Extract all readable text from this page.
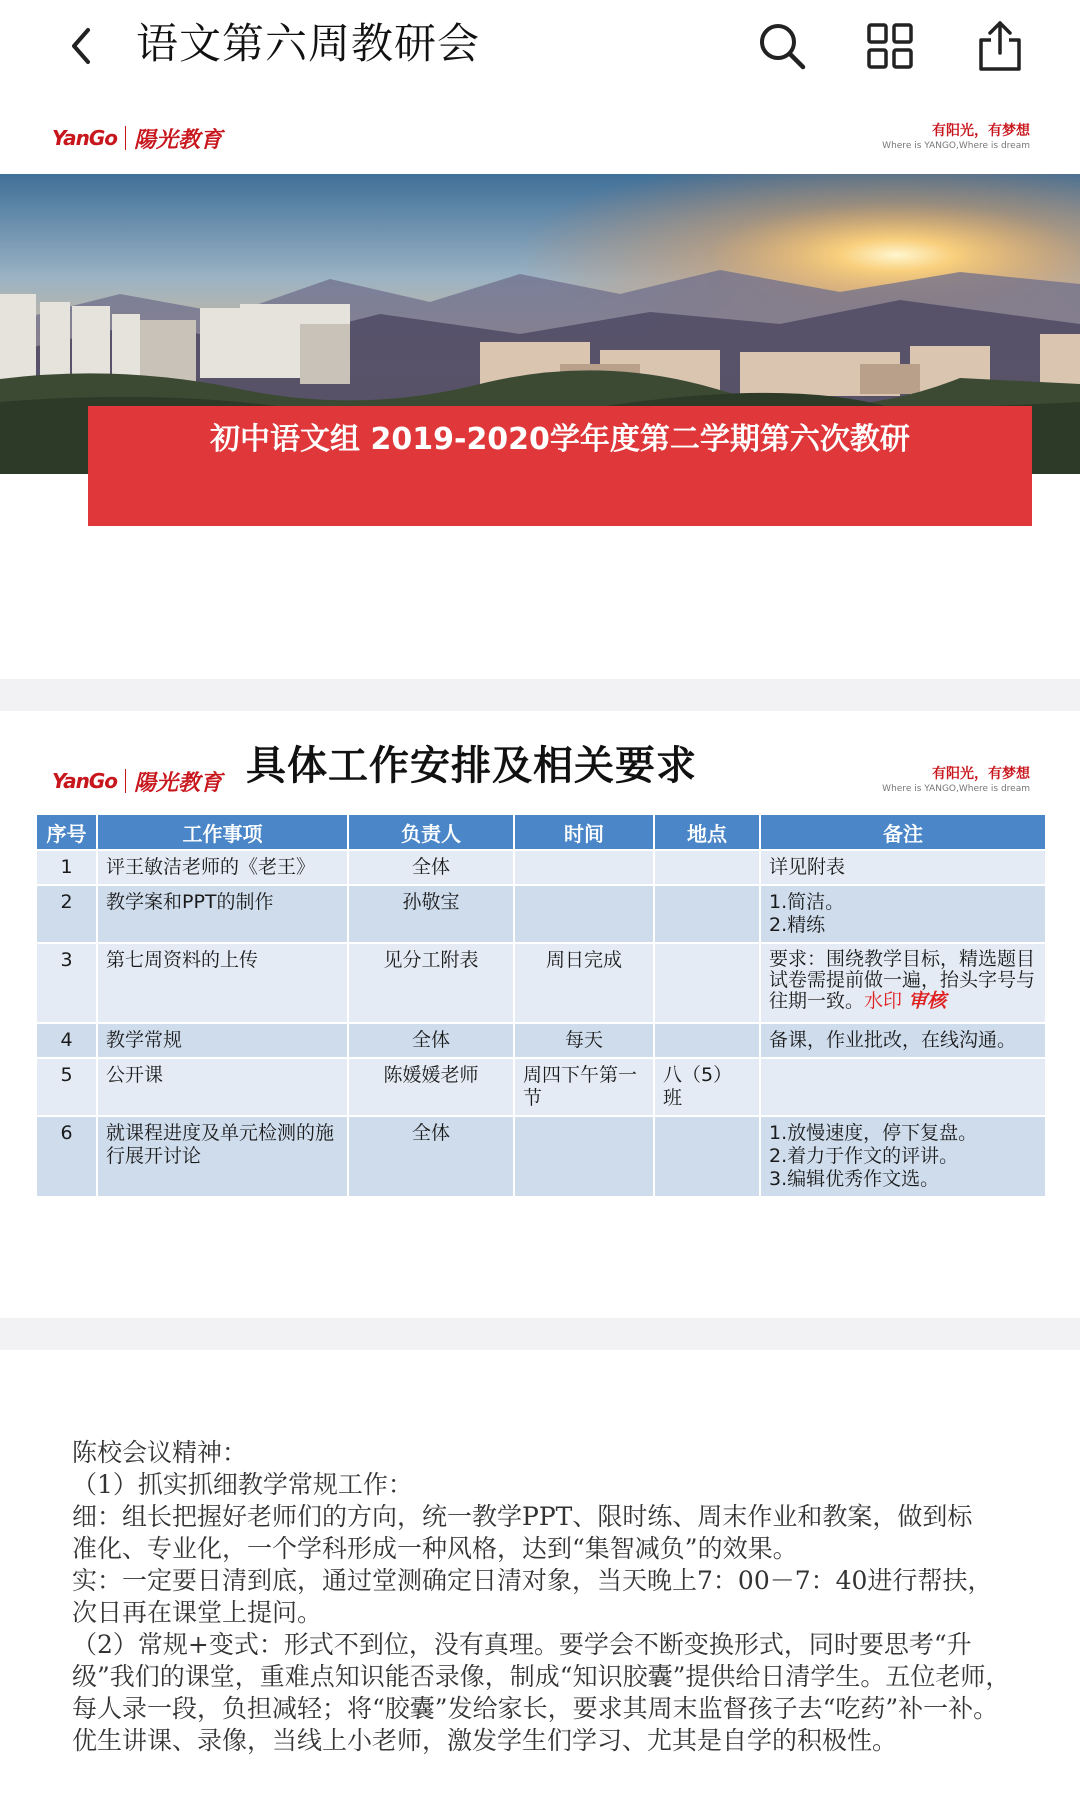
语文第六周教研会
YanGo 陽光教育	有阳光，有梦想
Where is YANGO,Where is dream
初中语文组 2019-2020学年度第二学期第六次教研
YanGo 陽光教育	有阳光，有梦想
Where is YANGO,Where is dream
具体工作安排及相关要求
序号	工作事项	负责人	时间	地点	备注
1	评王敏洁老师的《老王》	全体			详见附表
2	教学案和PPT的制作	孙敬宝			1.简洁。
2.精练

3	第七周资料的上传	见分工附表	周日完成		要求：围绕教学目标，精选题目
试卷需提前做一遍，抬头字号与
往期一致。水印 审核

4	教学常规	全体	每天		备课，作业批改，在线沟通。
5	公开课	陈媛媛老师	周四下午第一节	八（5）班	
6	就课程进度及单元检测的施行展开讨论	全体			1.放慢速度，停下复盘。
2.着力于作文的评讲。
3.编辑优秀作文选。

陈校会议精神：

（1）抓实抓细教学常规工作：

细：组长把握好老师们的方向，统一教学PPT、限时练、周末作业和教案，做到标

准化、专业化，一个学科形成一种风格，达到“集智减负”的效果。

实：一定要日清到底，通过堂测确定日清对象，当天晚上7：00－7：40进行帮扶，

次日再在课堂上提问。

（2）常规+变式：形式不到位，没有真理。要学会不断变换形式，同时要思考“升

级”我们的课堂，重难点知识能否录像，制成“知识胶囊”提供给日清学生。五位老师，

每人录一段，负担减轻；将“胶囊”发给家长，要求其周末监督孩子去“吃药”补一补。

优生讲课、录像，当线上小老师，激发学生们学习、尤其是自学的积极性。
